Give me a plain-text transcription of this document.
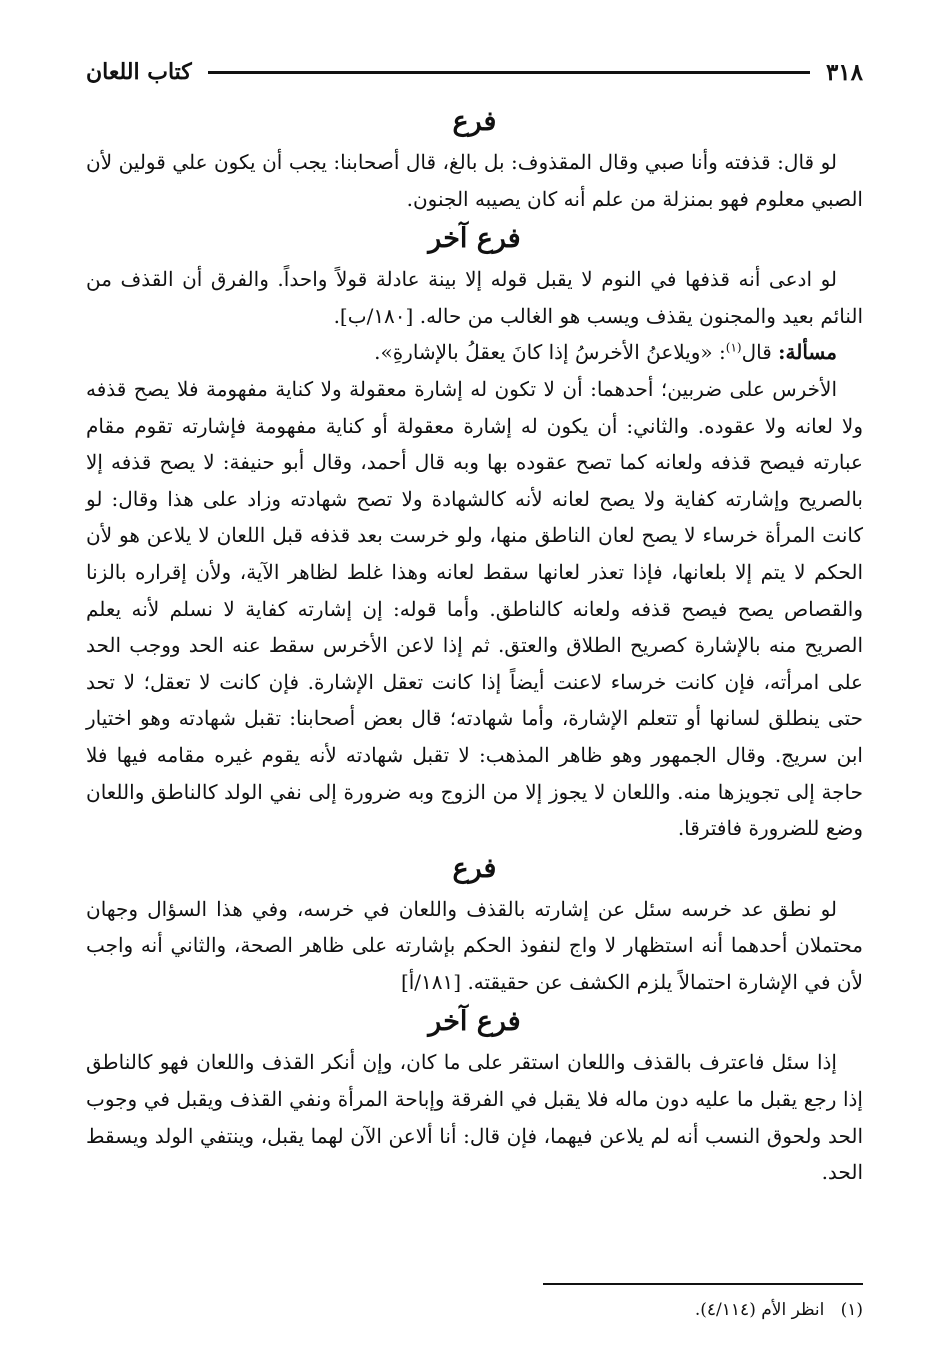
٣١٨
كتاب اللعان
فرع

لو قال: قذفته وأنا صبي وقال المقذوف: بل بالغ، قال أصحابنا: يجب أن يكون علي قولين لأن الصبي معلوم فهو بمنزلة من علم أنه كان يصيبه الجنون.

فرع آخر

لو ادعى أنه قذفها في النوم لا يقبل قوله إلا بينة عادلة قولاً واحداً. والفرق أن القذف من النائم بعيد والمجنون يقذف ويسب هو الغالب من حاله. [١٨٠/ب].

مسألة: قال$^{(١)}$: «ويلاعنُ الأخرسُ إذا كانَ يعقلُ بالإشارةِ».

الأخرس على ضربين؛ أحدهما: أن لا تكون له إشارة معقولة ولا كناية مفهومة فلا يصح قذفه ولا لعانه ولا عقوده. والثاني: أن يكون له إشارة معقولة أو كناية مفهومة فإشارته تقوم مقام عبارته فيصح قذفه ولعانه كما تصح عقوده بها وبه قال أحمد، وقال أبو حنيفة: لا يصح قذفه إلا بالصريح وإشارته كفاية ولا يصح لعانه لأنه كالشهادة ولا تصح شهادته وزاد على هذا وقال: لو كانت المرأة خرساء لا يصح لعان الناطق منها، ولو خرست بعد قذفه قبل اللعان لا يلاعن هو لأن الحكم لا يتم إلا بلعانها، فإذا تعذر لعانها سقط لعانه وهذا غلط لظاهر الآية، ولأن إقراره بالزنا والقصاص يصح فيصح قذفه ولعانه كالناطق. وأما قوله: إن إشارته كفاية لا نسلم لأنه يعلم الصريح منه بالإشارة كصريح الطلاق والعتق. ثم إذا لاعن الأخرس سقط عنه الحد ووجب الحد على امرأته، فإن كانت خرساء لاعنت أيضاً إذا كانت تعقل الإشارة. فإن كانت لا تعقل؛ لا تحد حتى ينطلق لسانها أو تتعلم الإشارة، وأما شهادته؛ قال بعض أصحابنا: تقبل شهادته وهو اختيار ابن سريج. وقال الجمهور وهو ظاهر المذهب: لا تقبل شهادته لأنه يقوم غيره مقامه فيها فلا حاجة إلى تجويزها منه. واللعان لا يجوز إلا من الزوج وبه ضرورة إلى نفي الولد كالناطق واللعان وضع للضرورة فافترقا.

فرع

لو نطق عد خرسه سئل عن إشارته بالقذف واللعان في خرسه، وفي هذا السؤال وجهان محتملان أحدهما أنه استظهار لا واج لنفوذ الحكم بإشارته على ظاهر الصحة، والثاني أنه واجب لأن في الإشارة احتمالاً يلزم الكشف عن حقيقته. [١٨١/أ]

فرع آخر

إذا سئل فاعترف بالقذف واللعان استقر على ما كان، وإن أنكر القذف واللعان فهو كالناطق إذا رجع يقبل ما عليه دون ماله فلا يقبل في الفرقة وإباحة المرأة ونفي القذف ويقبل في وجوب الحد ولحوق النسب أنه لم يلاعن فيهما، فإن قال: أنا ألاعن الآن لهما يقبل، وينتفي الولد ويسقط الحد.

(١)   انظر الأم (٤/١١٤).
